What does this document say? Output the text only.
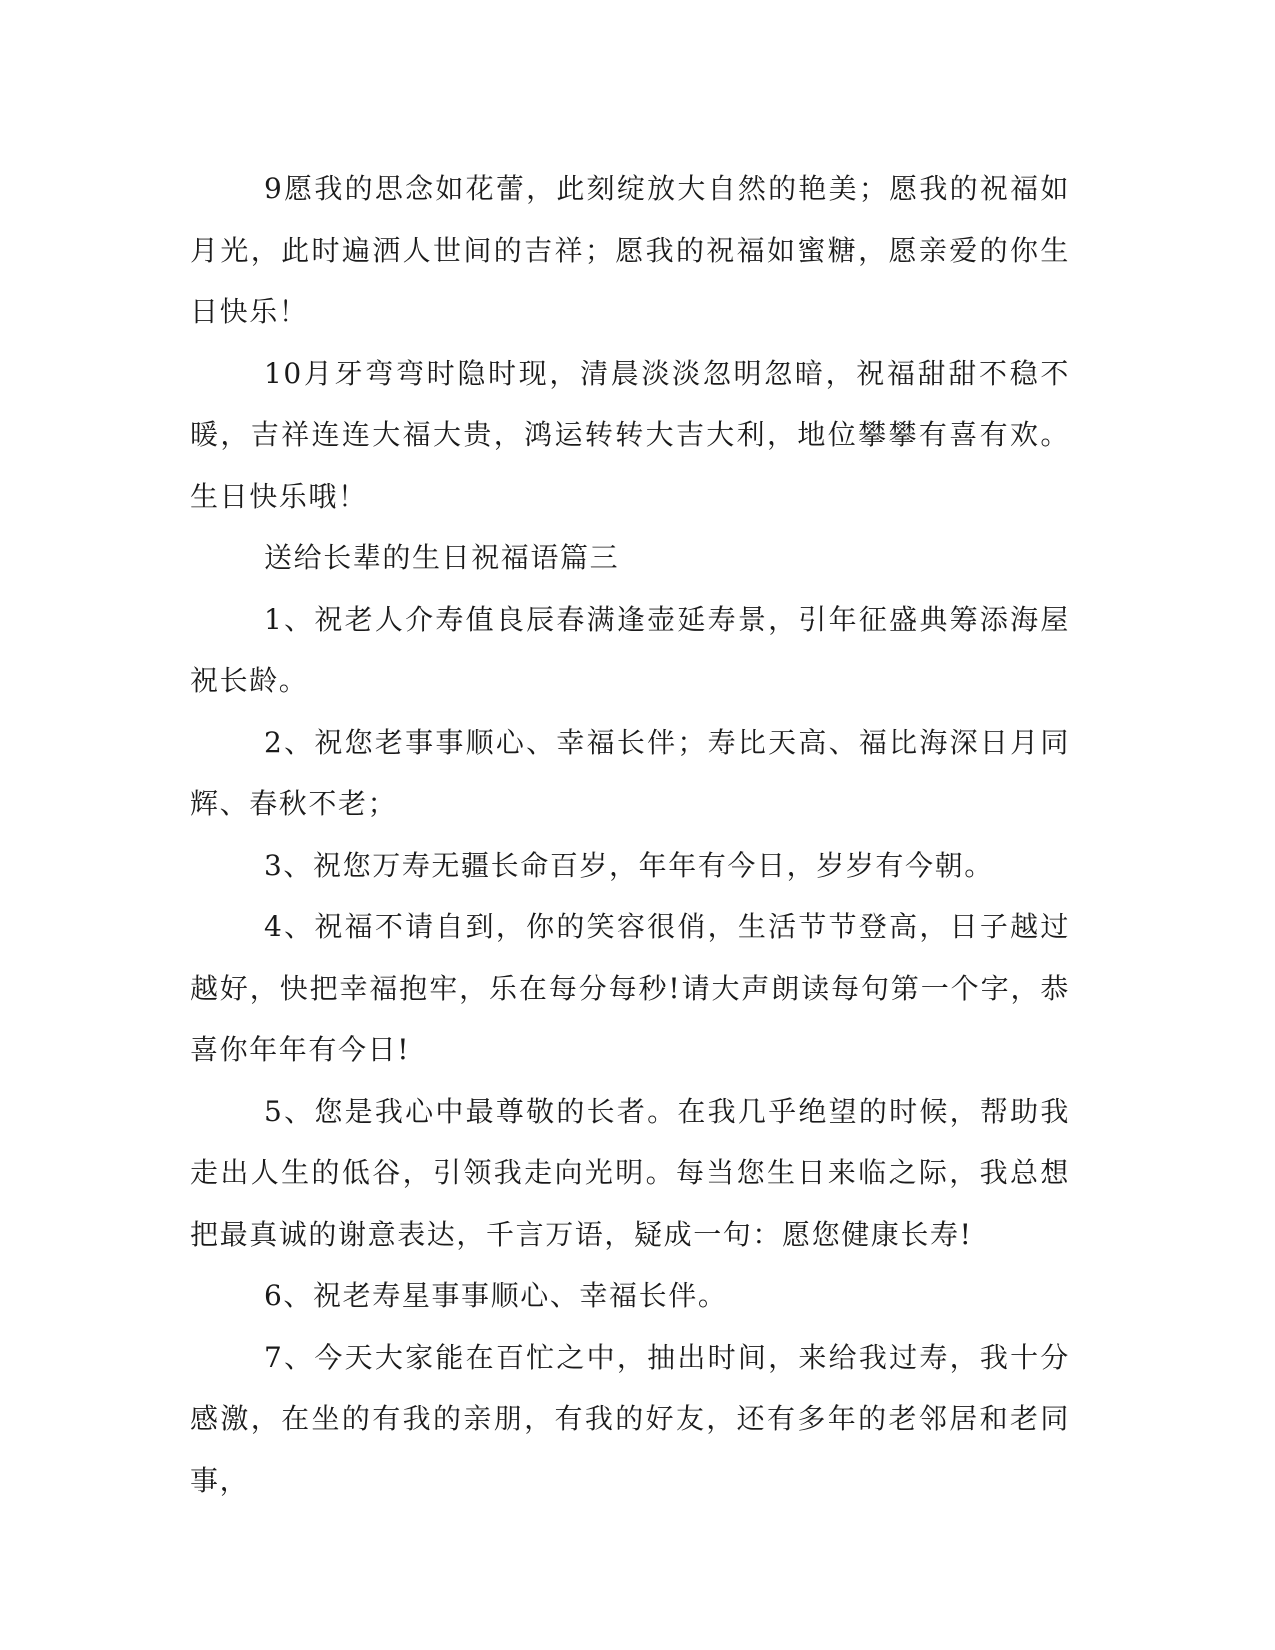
9愿我的思念如花蕾，此刻绽放大自然的艳美；愿我的祝福如月光，此时遍洒人世间的吉祥；愿我的祝福如蜜糖，愿亲爱的你生日快乐！

10月牙弯弯时隐时现，清晨淡淡忽明忽暗，祝福甜甜不稳不暖，吉祥连连大福大贵，鸿运转转大吉大利，地位攀攀有喜有欢。生日快乐哦！

送给长辈的生日祝福语篇三

1、祝老人介寿值良辰春满逢壶延寿景，引年征盛典筹添海屋祝长龄。

2、祝您老事事顺心、幸福长伴；寿比天高、福比海深日月同辉、春秋不老；

3、祝您万寿无疆长命百岁，年年有今日，岁岁有今朝。

4、祝福不请自到，你的笑容很俏，生活节节登高，日子越过越好，快把幸福抱牢，乐在每分每秒!请大声朗读每句第一个字，恭喜你年年有今日!

5、您是我心中最尊敬的长者。在我几乎绝望的时候，帮助我走出人生的低谷，引领我走向光明。每当您生日来临之际，我总想把最真诚的谢意表达，千言万语，疑成一句：愿您健康长寿!

6、祝老寿星事事顺心、幸福长伴。

7、今天大家能在百忙之中，抽出时间，来给我过寿，我十分感激，在坐的有我的亲朋，有我的好友，还有多年的老邻居和老同事，
